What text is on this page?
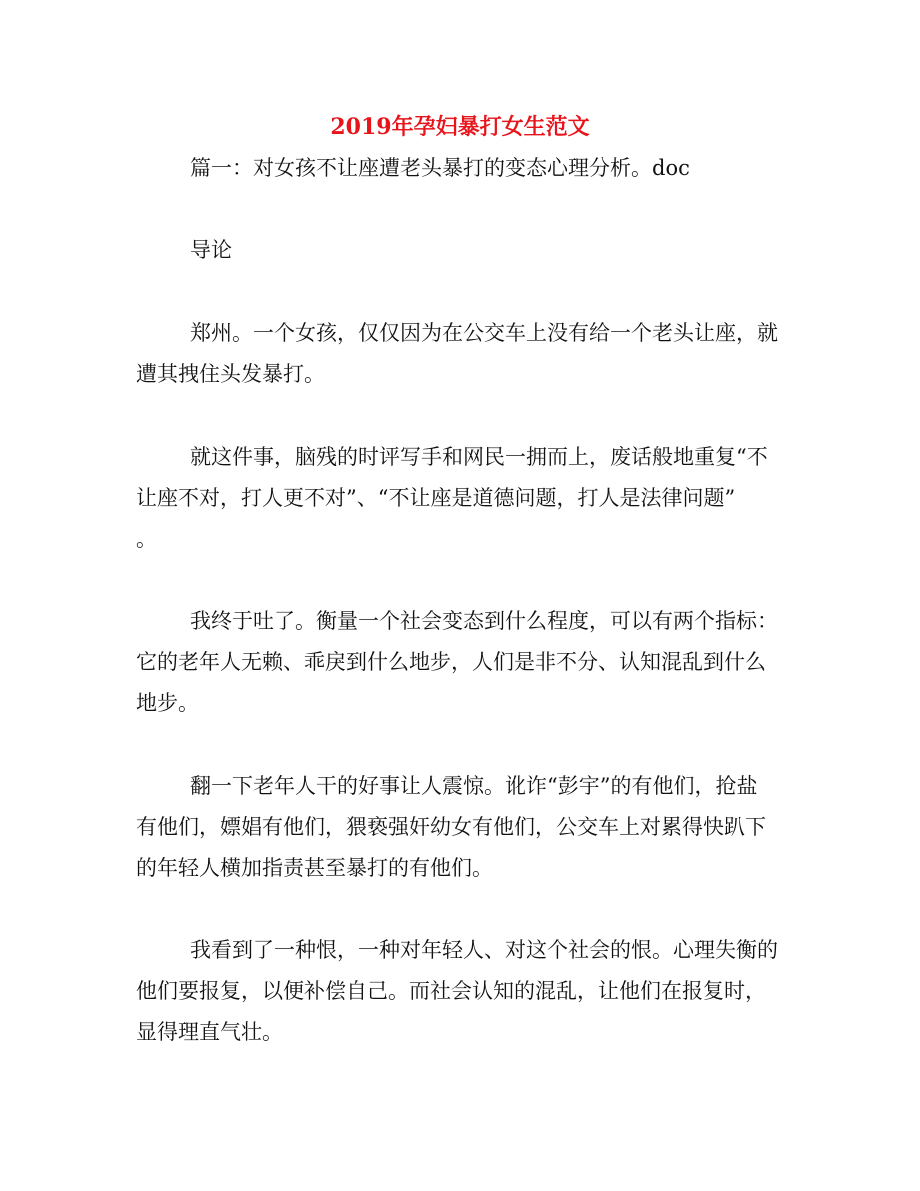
2019年孕妇暴打女生范文
篇一：对女孩不让座遭老头暴打的变态心理分析。doc
导论
郑州。一个女孩，仅仅因为在公交车上没有给一个老头让座，就
遭其拽住头发暴打。
就这件事，脑残的时评写手和网民一拥而上，废话般地重复“不
让座不对，打人更不对”、“不让座是道德问题，打人是法律问题”
。
我终于吐了。衡量一个社会变态到什么程度，可以有两个指标：
它的老年人无赖、乖戾到什么地步，人们是非不分、认知混乱到什么
地步。
翻一下老年人干的好事让人震惊。讹诈“彭宇”的有他们，抢盐
有他们，嫖娼有他们，猥亵强奸幼女有他们，公交车上对累得快趴下
的年轻人横加指责甚至暴打的有他们。
我看到了一种恨，一种对年轻人、对这个社会的恨。心理失衡的
他们要报复，以便补偿自己。而社会认知的混乱，让他们在报复时，
显得理直气壮。
